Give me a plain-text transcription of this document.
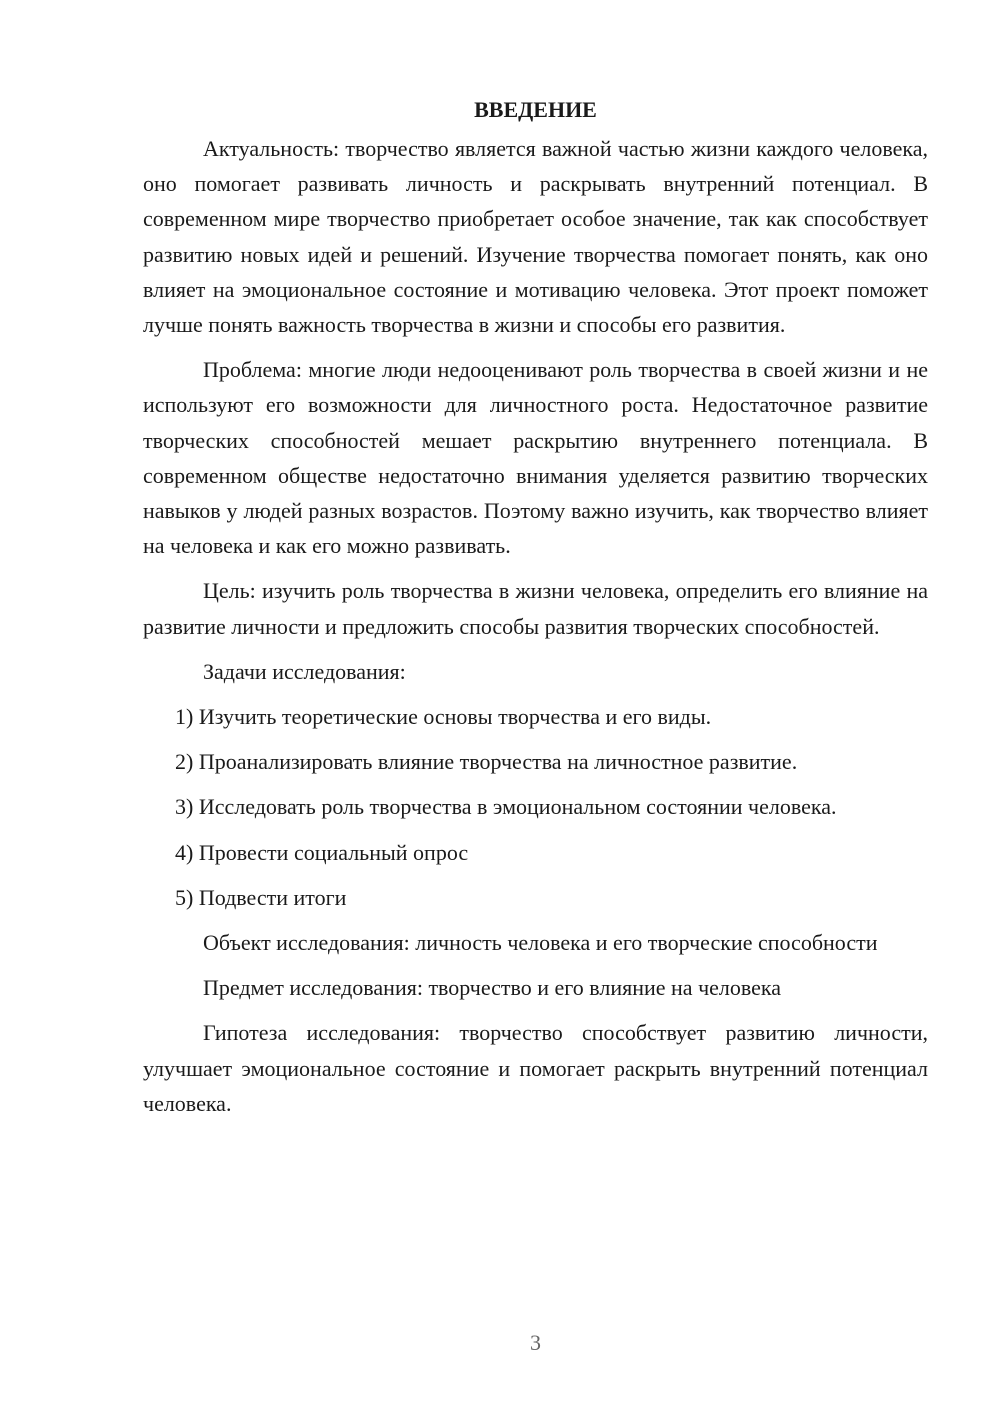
ВВЕДЕНИЕ

Актуальность: творчество является важной частью жизни каждого человека, оно помогает развивать личность и раскрывать внутренний потенциал. В современном мире творчество приобретает особое значение, так как способствует развитию новых идей и решений. Изучение творчества помогает понять, как оно влияет на эмоциональное состояние и мотивацию человека. Этот проект поможет лучше понять важность творчества в жизни и способы его развития.

Проблема: многие люди недооценивают роль творчества в своей жизни и не используют его возможности для личностного роста. Недостаточное развитие творческих способностей мешает раскрытию внутреннего потенциала. В современном обществе недостаточно внимания уделяется развитию творческих навыков у людей разных возрастов. Поэтому важно изучить, как творчество влияет на человека и как его можно развивать.

Цель: изучить роль творчества в жизни человека, определить его влияние на развитие личности и предложить способы развития творческих способностей.

Задачи исследования:

1) Изучить теоретические основы творчества и его виды.
2) Проанализировать влияние творчества на личностное развитие.
3) Исследовать роль творчества в эмоциональном состоянии человека.
4) Провести социальный опрос
5) Подвести итоги

Объект исследования: личность человека и его творческие способности

Предмет исследования: творчество и его влияние на человека

Гипотеза исследования: творчество способствует развитию личности, улучшает эмоциональное состояние и помогает раскрыть внутренний потенциал человека.

3
